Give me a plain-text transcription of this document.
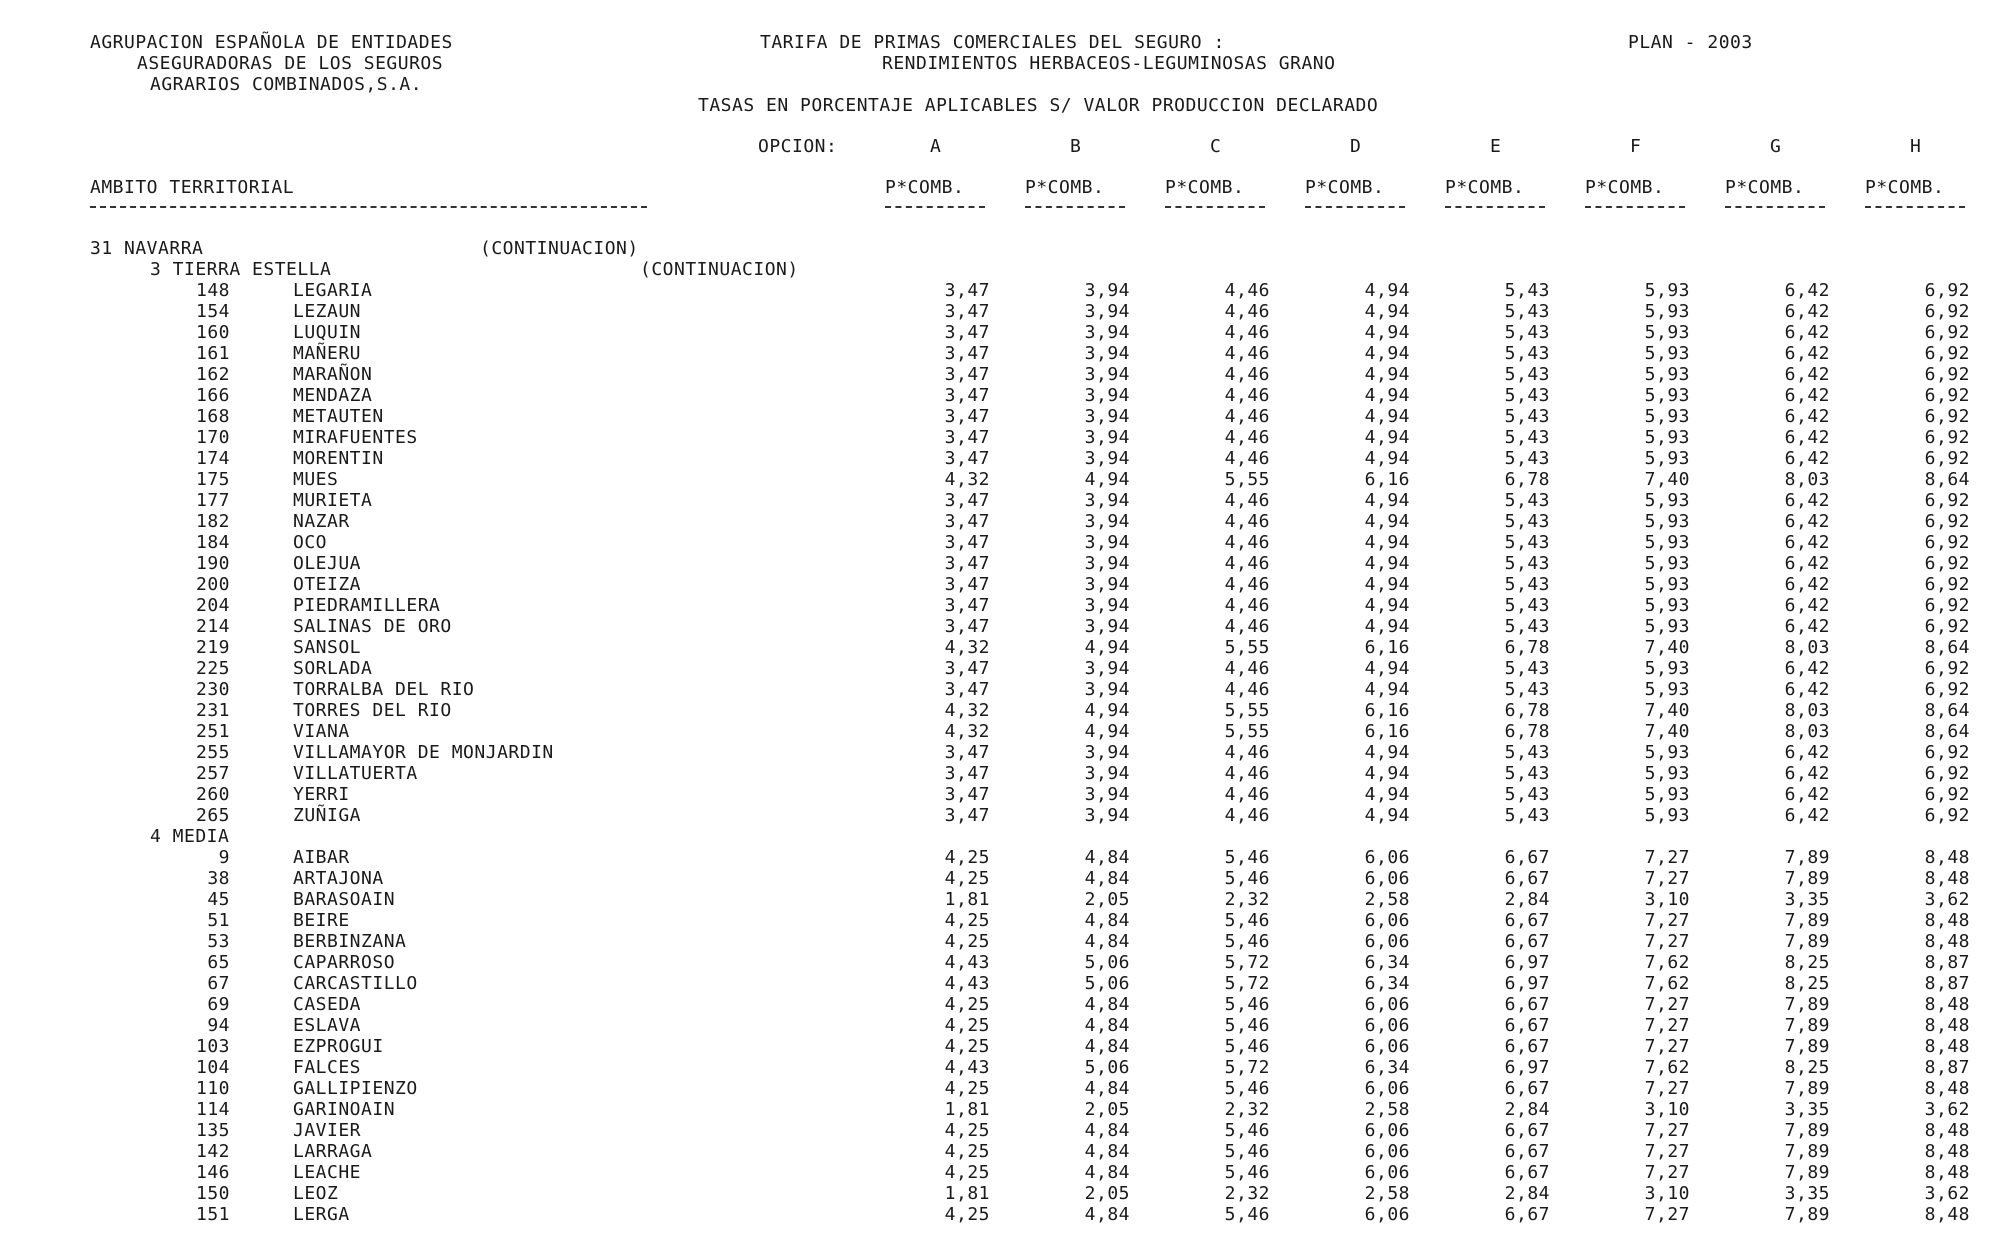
AGRUPACION ESPAÑOLA DE ENTIDADES
ASEGURADORAS DE LOS SEGUROS
AGRARIOS COMBINADOS,S.A.
TARIFA DE PRIMAS COMERCIALES DEL SEGURO :
RENDIMIENTOS HERBACEOS-LEGUMINOSAS GRANO
PLAN - 2003
TASAS EN PORCENTAJE APLICABLES S/ VALOR PRODUCCION DECLARADO
OPCION:	A	B	C	D	E	F	G	H
AMBITO TERRITORIAL	P*COMB.	P*COMB.	P*COMB.	P*COMB.	P*COMB.	P*COMB.	P*COMB.	P*COMB.
31 NAVARRA	(CONTINUACION)
3 TIERRA ESTELLA	(CONTINUACION)
148	LEGARIA	3,47	3,94	4,46	4,94	5,43	5,93	6,42	6,92
154	LEZAUN	3,47	3,94	4,46	4,94	5,43	5,93	6,42	6,92
160	LUQUIN	3,47	3,94	4,46	4,94	5,43	5,93	6,42	6,92
161	MAÑERU	3,47	3,94	4,46	4,94	5,43	5,93	6,42	6,92
162	MARAÑON	3,47	3,94	4,46	4,94	5,43	5,93	6,42	6,92
166	MENDAZA	3,47	3,94	4,46	4,94	5,43	5,93	6,42	6,92
168	METAUTEN	3,47	3,94	4,46	4,94	5,43	5,93	6,42	6,92
170	MIRAFUENTES	3,47	3,94	4,46	4,94	5,43	5,93	6,42	6,92
174	MORENTIN	3,47	3,94	4,46	4,94	5,43	5,93	6,42	6,92
175	MUES	4,32	4,94	5,55	6,16	6,78	7,40	8,03	8,64
177	MURIETA	3,47	3,94	4,46	4,94	5,43	5,93	6,42	6,92
182	NAZAR	3,47	3,94	4,46	4,94	5,43	5,93	6,42	6,92
184	OCO	3,47	3,94	4,46	4,94	5,43	5,93	6,42	6,92
190	OLEJUA	3,47	3,94	4,46	4,94	5,43	5,93	6,42	6,92
200	OTEIZA	3,47	3,94	4,46	4,94	5,43	5,93	6,42	6,92
204	PIEDRAMILLERA	3,47	3,94	4,46	4,94	5,43	5,93	6,42	6,92
214	SALINAS DE ORO	3,47	3,94	4,46	4,94	5,43	5,93	6,42	6,92
219	SANSOL	4,32	4,94	5,55	6,16	6,78	7,40	8,03	8,64
225	SORLADA	3,47	3,94	4,46	4,94	5,43	5,93	6,42	6,92
230	TORRALBA DEL RIO	3,47	3,94	4,46	4,94	5,43	5,93	6,42	6,92
231	TORRES DEL RIO	4,32	4,94	5,55	6,16	6,78	7,40	8,03	8,64
251	VIANA	4,32	4,94	5,55	6,16	6,78	7,40	8,03	8,64
255	VILLAMAYOR DE MONJARDIN	3,47	3,94	4,46	4,94	5,43	5,93	6,42	6,92
257	VILLATUERTA	3,47	3,94	4,46	4,94	5,43	5,93	6,42	6,92
260	YERRI	3,47	3,94	4,46	4,94	5,43	5,93	6,42	6,92
265	ZUÑIGA	3,47	3,94	4,46	4,94	5,43	5,93	6,42	6,92
4 MEDIA
9	AIBAR	4,25	4,84	5,46	6,06	6,67	7,27	7,89	8,48
38	ARTAJONA	4,25	4,84	5,46	6,06	6,67	7,27	7,89	8,48
45	BARASOAIN	1,81	2,05	2,32	2,58	2,84	3,10	3,35	3,62
51	BEIRE	4,25	4,84	5,46	6,06	6,67	7,27	7,89	8,48
53	BERBINZANA	4,25	4,84	5,46	6,06	6,67	7,27	7,89	8,48
65	CAPARROSO	4,43	5,06	5,72	6,34	6,97	7,62	8,25	8,87
67	CARCASTILLO	4,43	5,06	5,72	6,34	6,97	7,62	8,25	8,87
69	CASEDA	4,25	4,84	5,46	6,06	6,67	7,27	7,89	8,48
94	ESLAVA	4,25	4,84	5,46	6,06	6,67	7,27	7,89	8,48
103	EZPROGUI	4,25	4,84	5,46	6,06	6,67	7,27	7,89	8,48
104	FALCES	4,43	5,06	5,72	6,34	6,97	7,62	8,25	8,87
110	GALLIPIENZO	4,25	4,84	5,46	6,06	6,67	7,27	7,89	8,48
114	GARINOAIN	1,81	2,05	2,32	2,58	2,84	3,10	3,35	3,62
135	JAVIER	4,25	4,84	5,46	6,06	6,67	7,27	7,89	8,48
142	LARRAGA	4,25	4,84	5,46	6,06	6,67	7,27	7,89	8,48
146	LEACHE	4,25	4,84	5,46	6,06	6,67	7,27	7,89	8,48
150	LEOZ	1,81	2,05	2,32	2,58	2,84	3,10	3,35	3,62
151	LERGA	4,25	4,84	5,46	6,06	6,67	7,27	7,89	8,48
